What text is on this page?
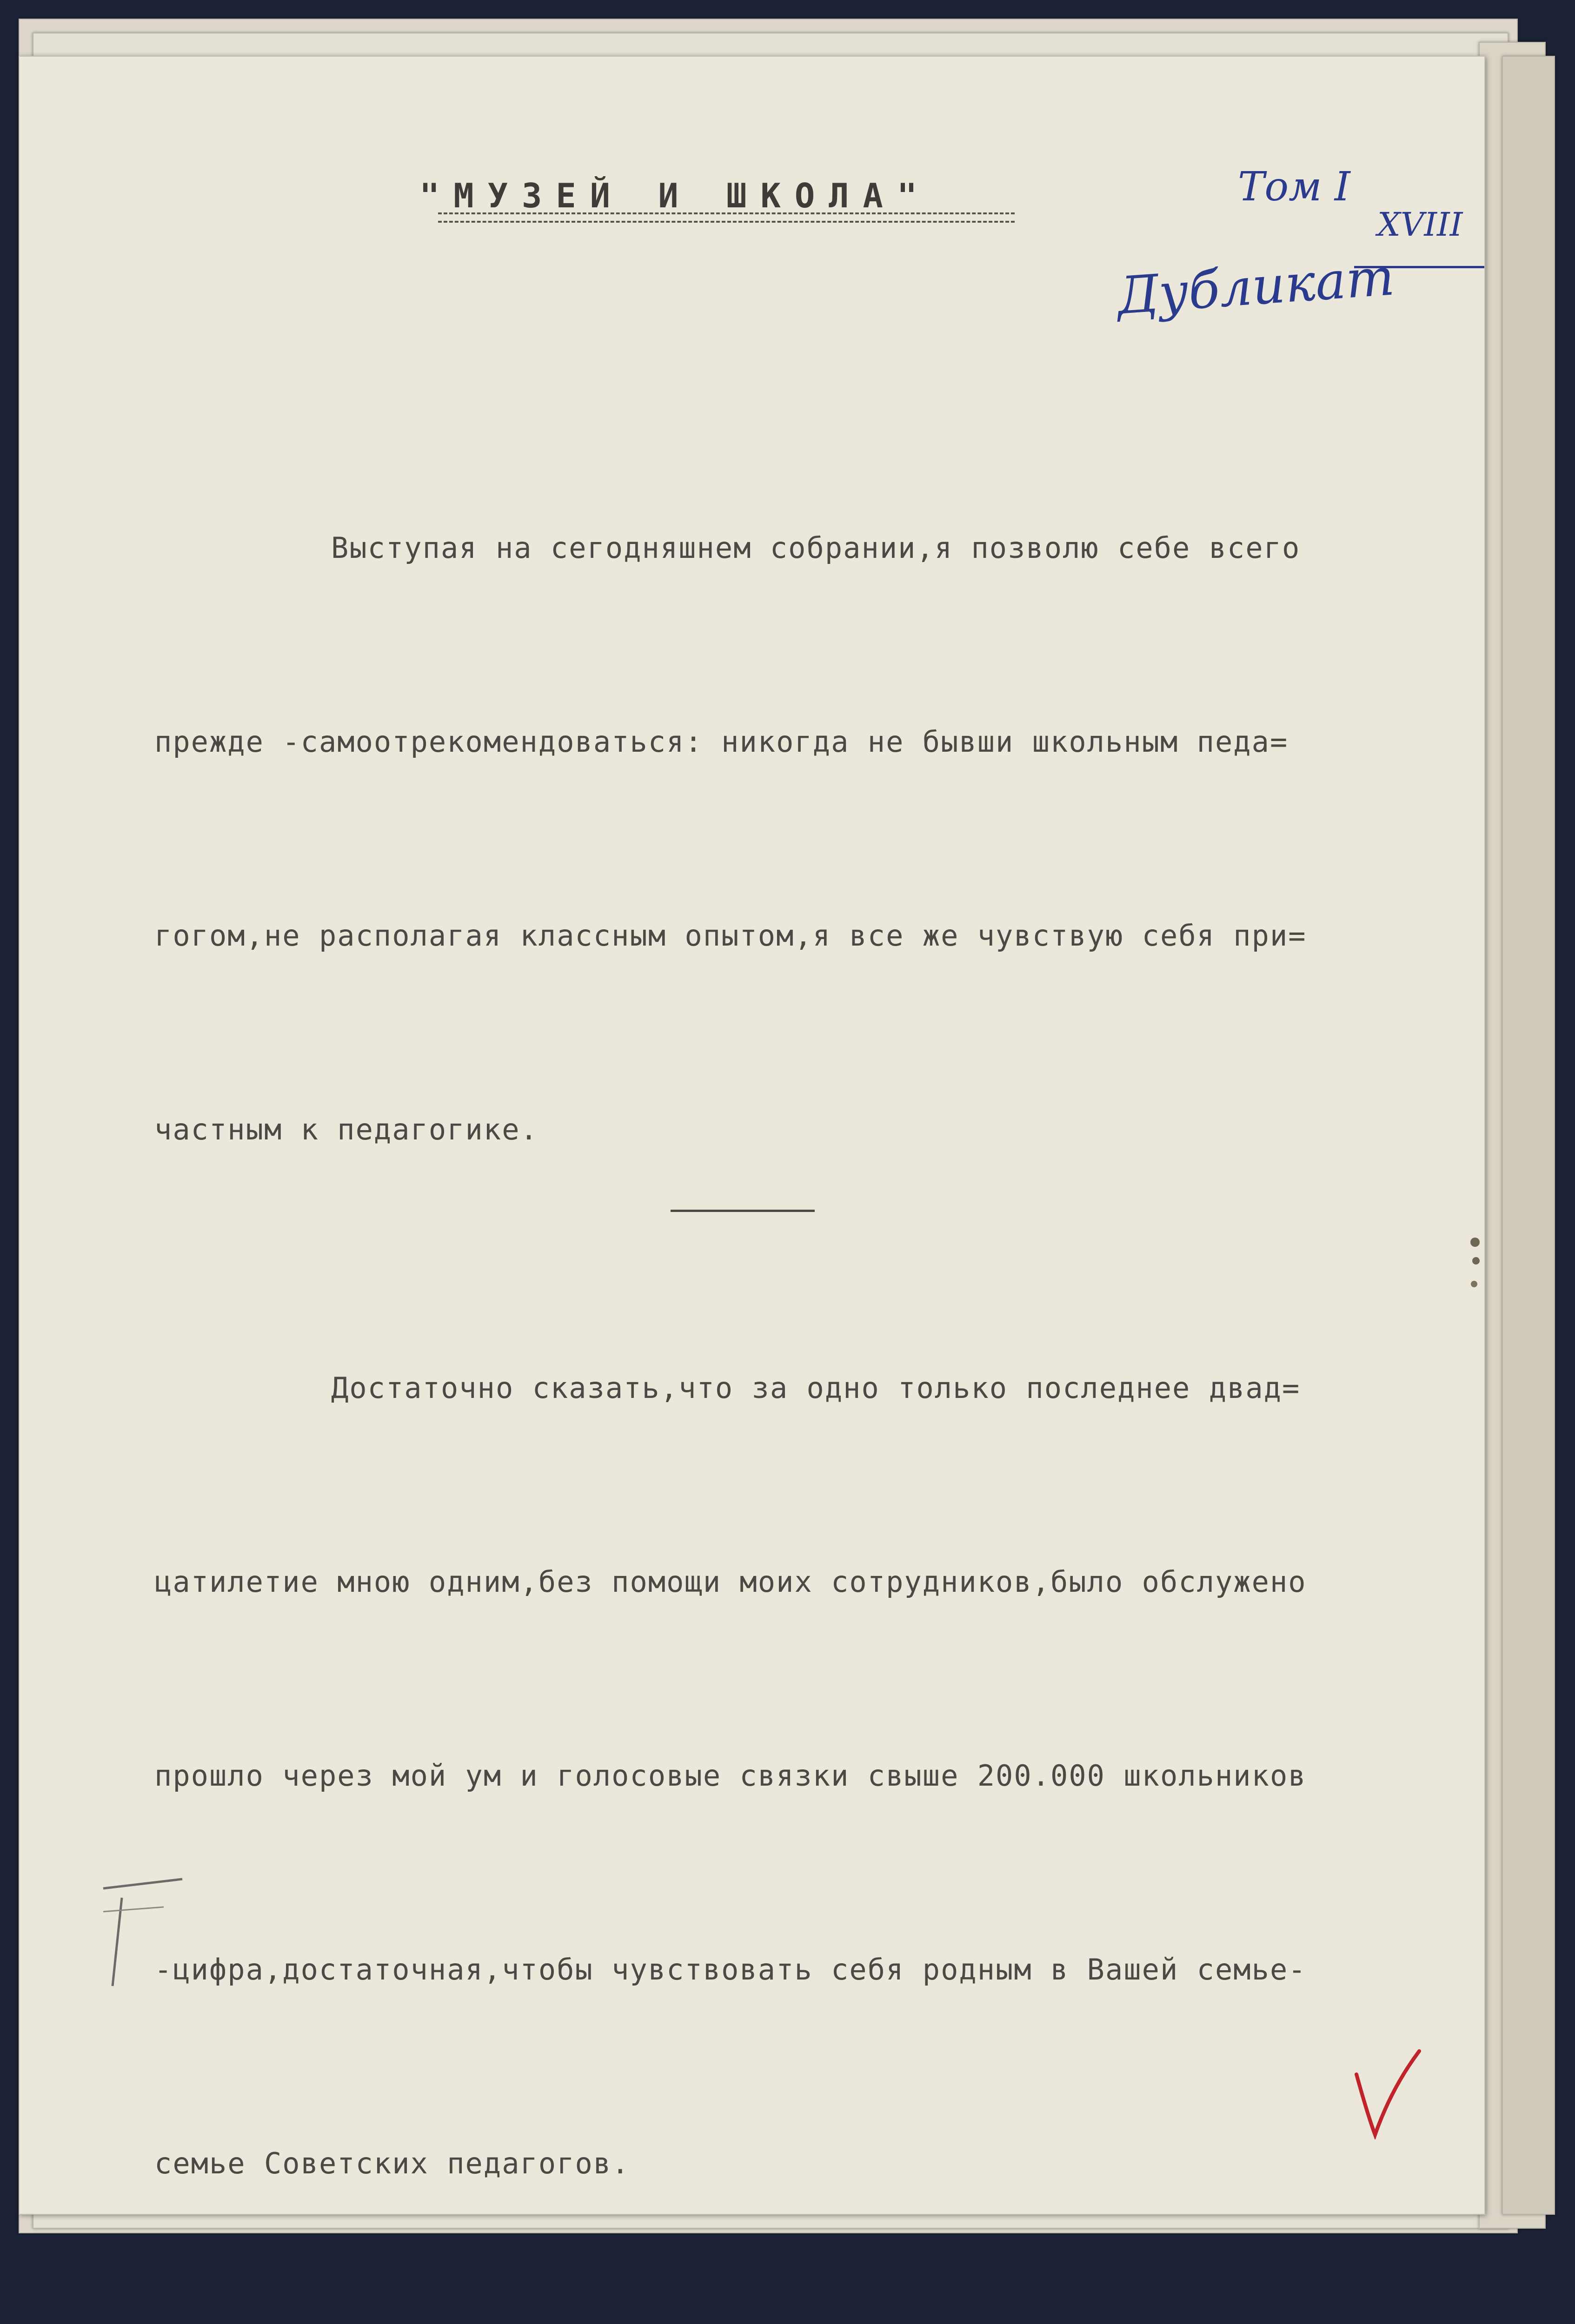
"МУЗЕЙ И ШКОЛА"	Том I
XVIII
Дубликат

Выступая на сегодняшнем собрании,я позволю себе всего

прежде -самоотрекомендоваться: никогда не бывши школьным педа=

гогом,не располагая классным опытом,я все же чувствую себя при=

частным к педагогике.

Достаточно сказать,что за одно только последнее двад=

цатилетие мною одним,без помощи моих сотрудников,было обслужено

прошло через мой ум и голосовые связки свыше 200.000 школьников

-цифра,достаточная,чтобы чувствовать себя родным в Вашей семье-

семье Советских педагогов.
